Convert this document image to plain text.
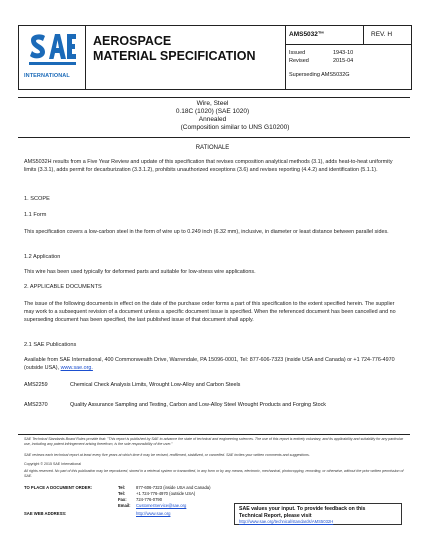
INTERNATIONAL
AEROSPACE
MATERIAL SPECIFICATION
AMS5032™	REV. H
Issued	1943-10
Revised	2015-04
Superseding AMS5032G
Wire, Steel
0.18C (1020) (SAE 1020)
Annealed
(Composition similar to UNS G10200)
RATIONALE
AMS5032H results from a Five Year Review and update of this specification that revises composition analytical methods (3.1), adds heat-to-heat uniformity limits (3.3.1), adds permit for decarburization (3.3.1.2), prohibits unauthorized exceptions (3.6) and revises reporting (4.4.2) and identification (5.1.1).
1. SCOPE
1.1 Form
This specification covers a low-carbon steel in the form of wire up to 0.249 inch (6.32 mm), inclusive, in diameter or least distance between parallel sides.
1.2 Application
This wire has been used typically for deformed parts and suitable for low-stress wire applications.
2. APPLICABLE DOCUMENTS
The issue of the following documents in effect on the date of the purchase order forms a part of this specification to the extent specified herein. The supplier may work to a subsequent revision of a document unless a specific document issue is specified. When the referenced document has been cancelled and no superseding document has been specified, the last published issue of that document shall apply.
2.1 SAE Publications
Available from SAE International, 400 Commonwealth Drive, Warrendale, PA 15096-0001, Tel: 877-606-7323 (inside USA and Canada) or +1 724-776-4970 (outside USA), www.sae.org.
AMS2259	Chemical Check Analysis Limits, Wrought Low-Alloy and Carbon Steels
AMS2370	Quality Assurance Sampling and Testing, Carbon and Low-Alloy Steel Wrought Products and Forging Stock
SAE Technical Standards Board Rules provide that: "This report is published by SAE to advance the state of technical and engineering sciences. The use of this report is entirely voluntary, and its applicability and suitability for any particular use, including any patent infringement arising therefrom, is the sole responsibility of the user."
SAE reviews each technical report at least every five years at which time it may be revised, reaffirmed, stabilized, or cancelled. SAE invites your written comments and suggestions.
Copyright © 2015 SAE International
All rights reserved. No part of this publication may be reproduced, stored in a retrieval system or transmitted, in any form or by any means, electronic, mechanical, photocopying, recording, or otherwise, without the prior written permission of SAE.
TO PLACE A DOCUMENT ORDER:	Tel:	877-606-7323 (inside USA and Canada)
Tel:	+1 724-776-4970 (outside USA)
Fax: 724-776-0790
Email: CustomerService@sae.org
SAE WEB ADDRESS:	http://www.sae.org
SAE values your input. To provide feedback on this
Technical Report, please visit
http://www.sae.org/technical/standards/AMS5032H
